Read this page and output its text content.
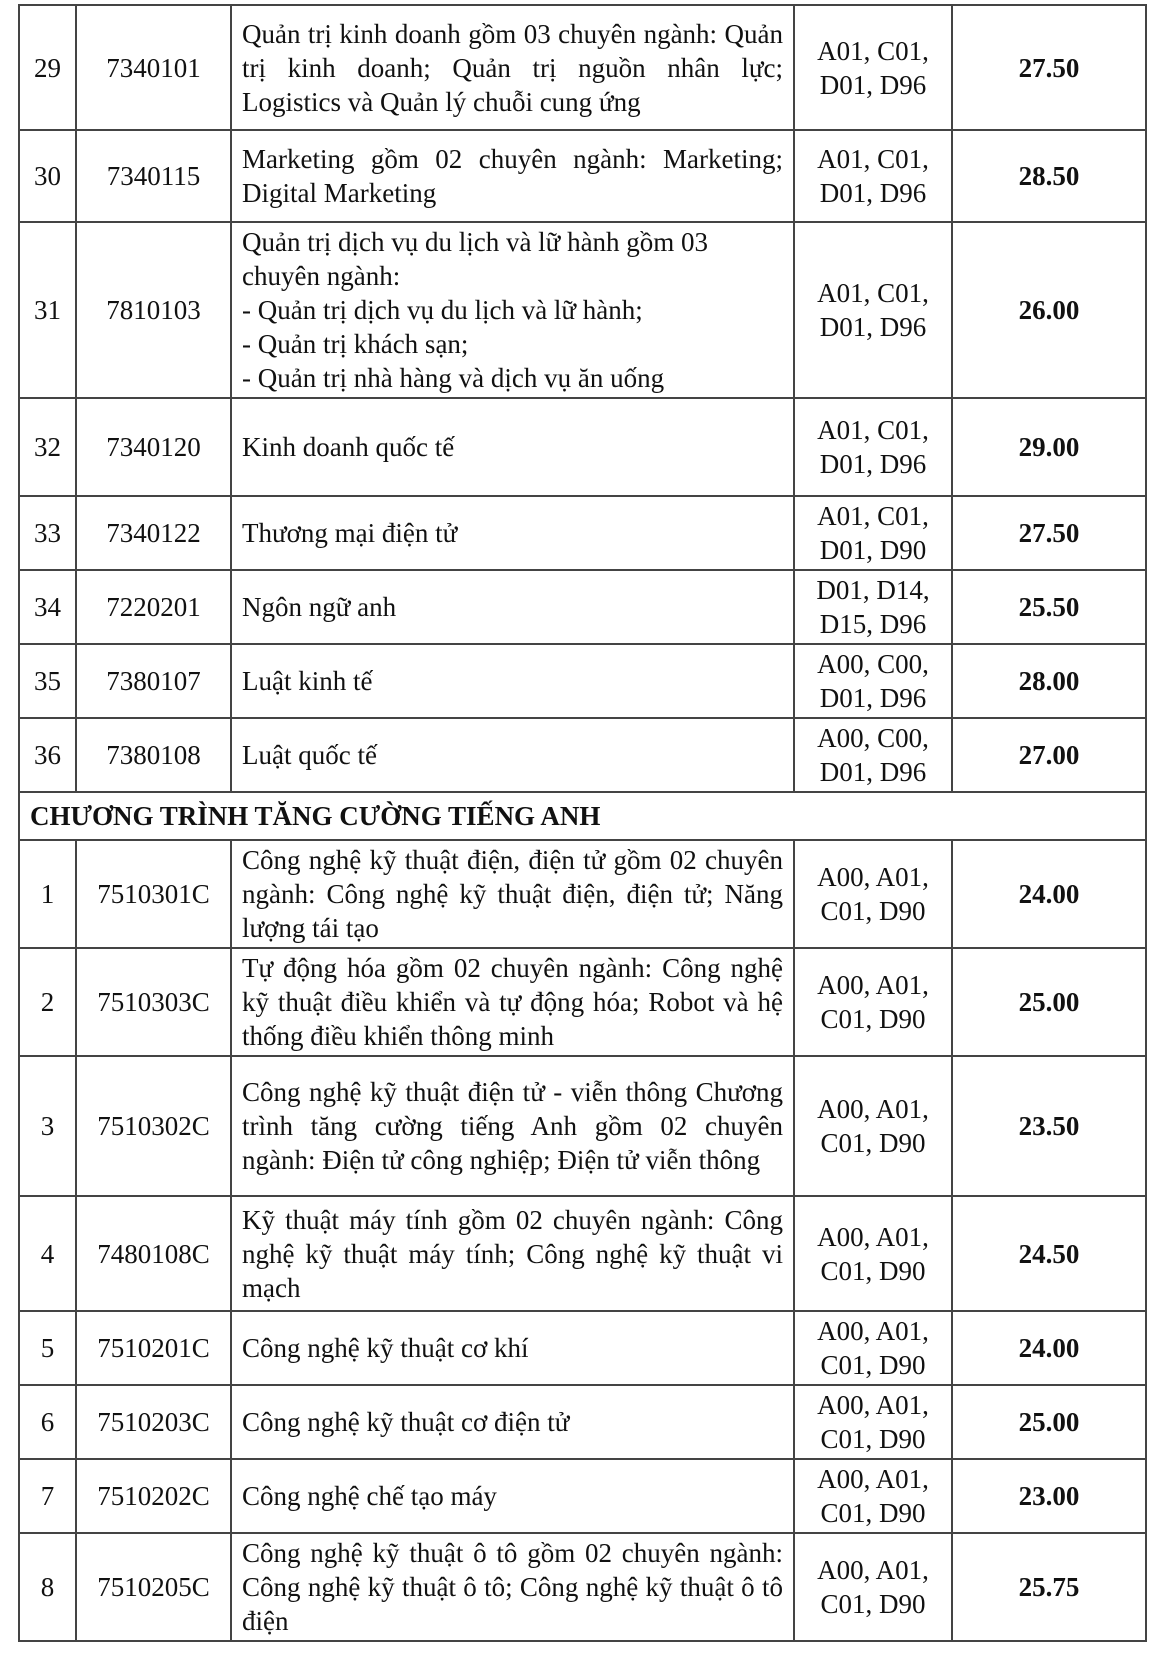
29	7340101	Quản trị kinh doanh gồm 03 chuyên ngành: Quản trị kinh doanh; Quản trị nguồn nhân lực; Logistics và Quản lý chuỗi cung ứng	A01, C01, D01, D96	27.50
30	7340115	Marketing gồm 02 chuyên ngành: Marketing; Digital Marketing	A01, C01, D01, D96	28.50
31	7810103	Quản trị dịch vụ du lịch và lữ hành gồm 03
chuyên ngành:
- Quản trị dịch vụ du lịch và lữ hành;
- Quản trị khách sạn;
- Quản trị nhà hàng và dịch vụ ăn uống	A01, C01, D01, D96	26.00
32	7340120	Kinh doanh quốc tế	A01, C01, D01, D96	29.00
33	7340122	Thương mại điện tử	A01, C01, D01, D90	27.50
34	7220201	Ngôn ngữ anh	D01, D14, D15, D96	25.50
35	7380107	Luật kinh tế	A00, C00, D01, D96	28.00
36	7380108	Luật quốc tế	A00, C00, D01, D96	27.00
CHƯƠNG TRÌNH TĂNG CƯỜNG TIẾNG ANH				
1	7510301C	Công nghệ kỹ thuật điện, điện tử gồm 02 chuyên ngành: Công nghệ kỹ thuật điện, điện tử; Năng lượng tái tạo	A00, A01, C01, D90	24.00
2	7510303C	Tự động hóa gồm 02 chuyên ngành: Công nghệ kỹ thuật điều khiển và tự động hóa; Robot và hệ thống điều khiển thông minh	A00, A01, C01, D90	25.00
3	7510302C	Công nghệ kỹ thuật điện tử - viễn thông Chương trình tăng cường tiếng Anh gồm 02 chuyên ngành: Điện tử công nghiệp; Điện tử viễn thông	A00, A01, C01, D90	23.50
4	7480108C	Kỹ thuật máy tính gồm 02 chuyên ngành: Công nghệ kỹ thuật máy tính; Công nghệ kỹ thuật vi mạch	A00, A01, C01, D90	24.50
5	7510201C	Công nghệ kỹ thuật cơ khí	A00, A01, C01, D90	24.00
6	7510203C	Công nghệ kỹ thuật cơ điện tử	A00, A01, C01, D90	25.00
7	7510202C	Công nghệ chế tạo máy	A00, A01, C01, D90	23.00
8	7510205C	Công nghệ kỹ thuật ô tô gồm 02 chuyên ngành: Công nghệ kỹ thuật ô tô; Công nghệ kỹ thuật ô tô điện	A00, A01, C01, D90	25.75
